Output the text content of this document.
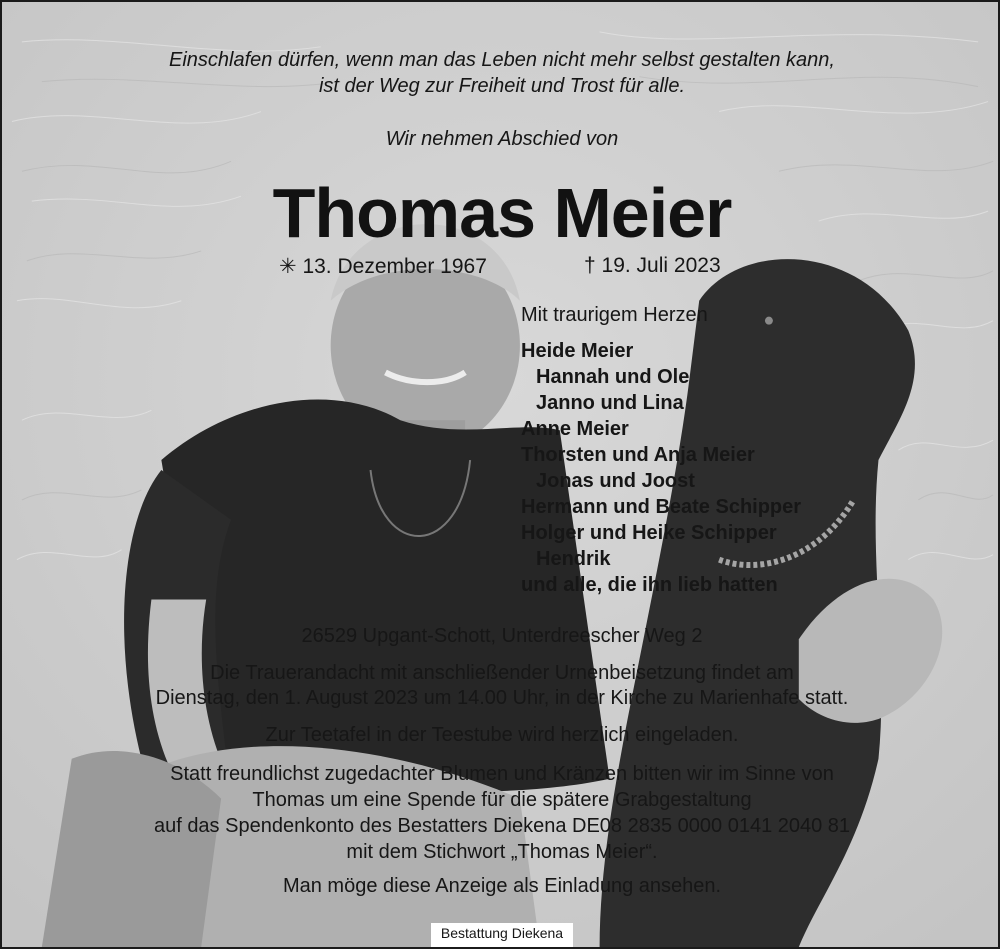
Einschlafen dürfen, wenn man das Leben nicht mehr selbst gestalten kann,
ist der Weg zur Freiheit und Trost für alle.
Wir nehmen Abschied von
Thomas Meier
✳ 13. Dezember 1967	† 19. Juli 2023
Mit traurigem Herzen
Heide Meier
Hannah und Ole
Janno und Lina
Anne Meier
Thorsten und Anja Meier
Jonas und Joost
Hermann und Beate Schipper
Holger und Heike Schipper
Hendrik
und alle, die ihn lieb hatten
26529 Upgant-Schott, Unterdreescher Weg 2
Die Trauerandacht mit anschließender Urnenbeisetzung findet am
Dienstag, den 1. August 2023 um 14.00 Uhr, in der Kirche zu Marienhafe statt.
Zur Teetafel in der Teestube wird herzlich eingeladen.
Statt freundlichst zugedachter Blumen und Kränzen bitten wir im Sinne von
Thomas um eine Spende für die spätere Grabgestaltung
auf das Spendenkonto des Bestatters Diekena DE08 2835 0000 0141 2040 81
mit dem Stichwort „Thomas Meier“.
Man möge diese Anzeige als Einladung ansehen.
Bestattung Diekena
